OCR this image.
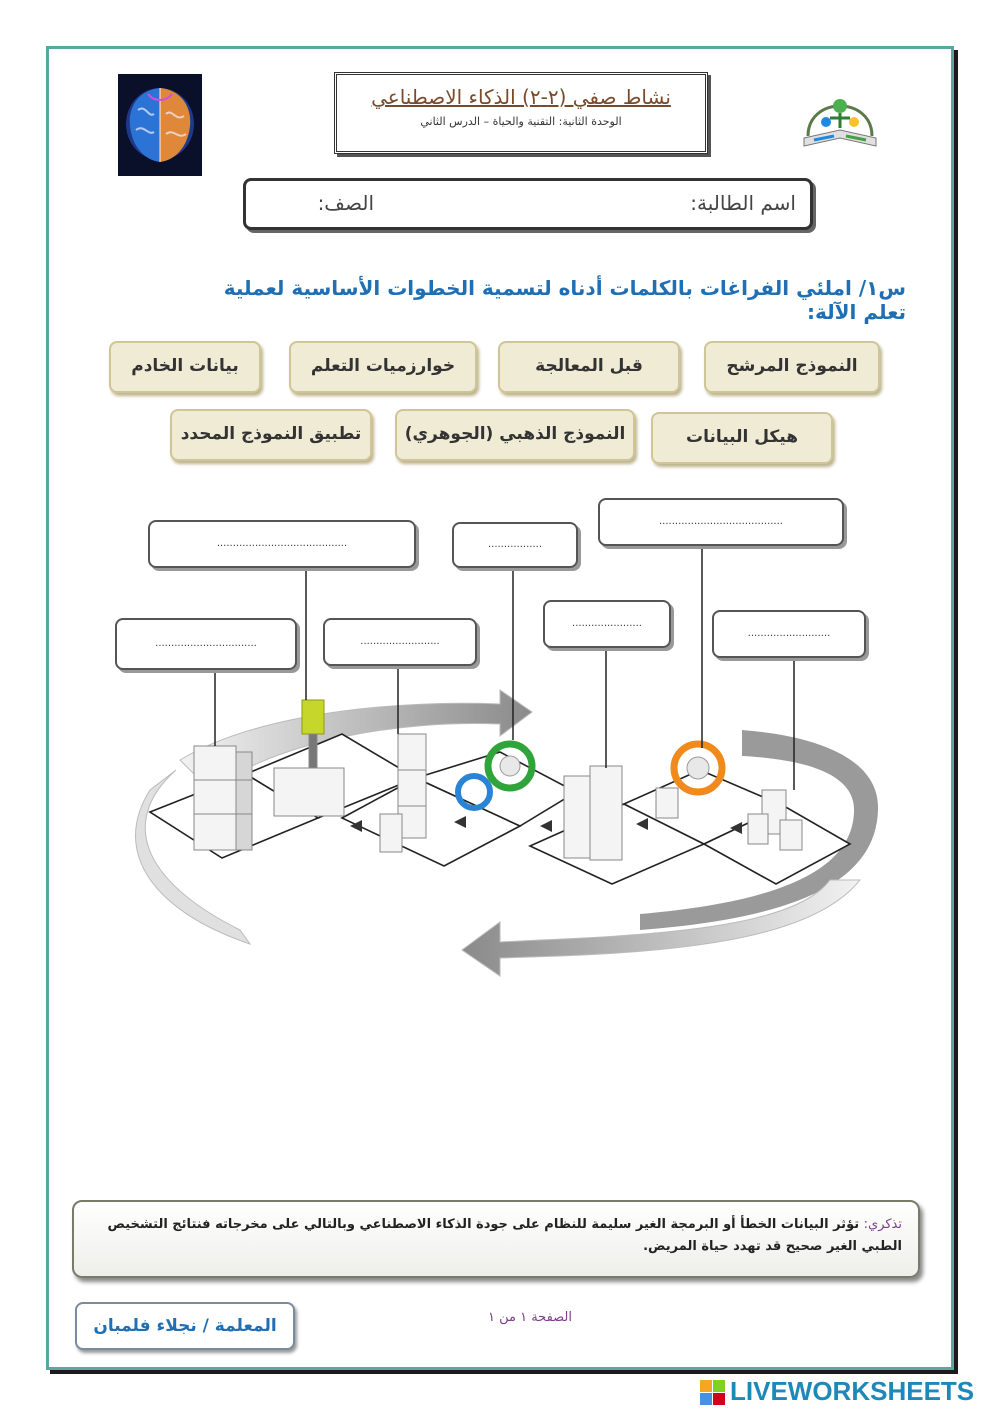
نشاط صفي (٢-٢) الذكاء الاصطناعي
الوحدة الثانية: التقنية والحياة – الدرس الثاني
اسم الطالبة:
الصف:
س١/ املئي الفراغات بالكلمات أدناه لتسمية الخطوات الأساسية لعملية تعلم الآلة:
النموذج المرشح
قبل المعالجة
خوارزميات التعلم
بيانات الخادم
هيكل البيانات
النموذج الذهبي (الجوهري)
تطبيق النموذج المحدد
.........................................	.................
.......................................
................................	.........................
......................
..........................
تذكري: تؤثر البيانات الخطأ أو البرمجة الغير سليمة للنظام على جودة الذكاء الاصطناعي وبالتالي على مخرجاته فنتائج التشخيص الطبي الغير صحيح قد تهدد حياة المريض.
الصفحة ١ من ١
المعلمة / نجلاء فلمبان
LIVEWORKSHEETS
